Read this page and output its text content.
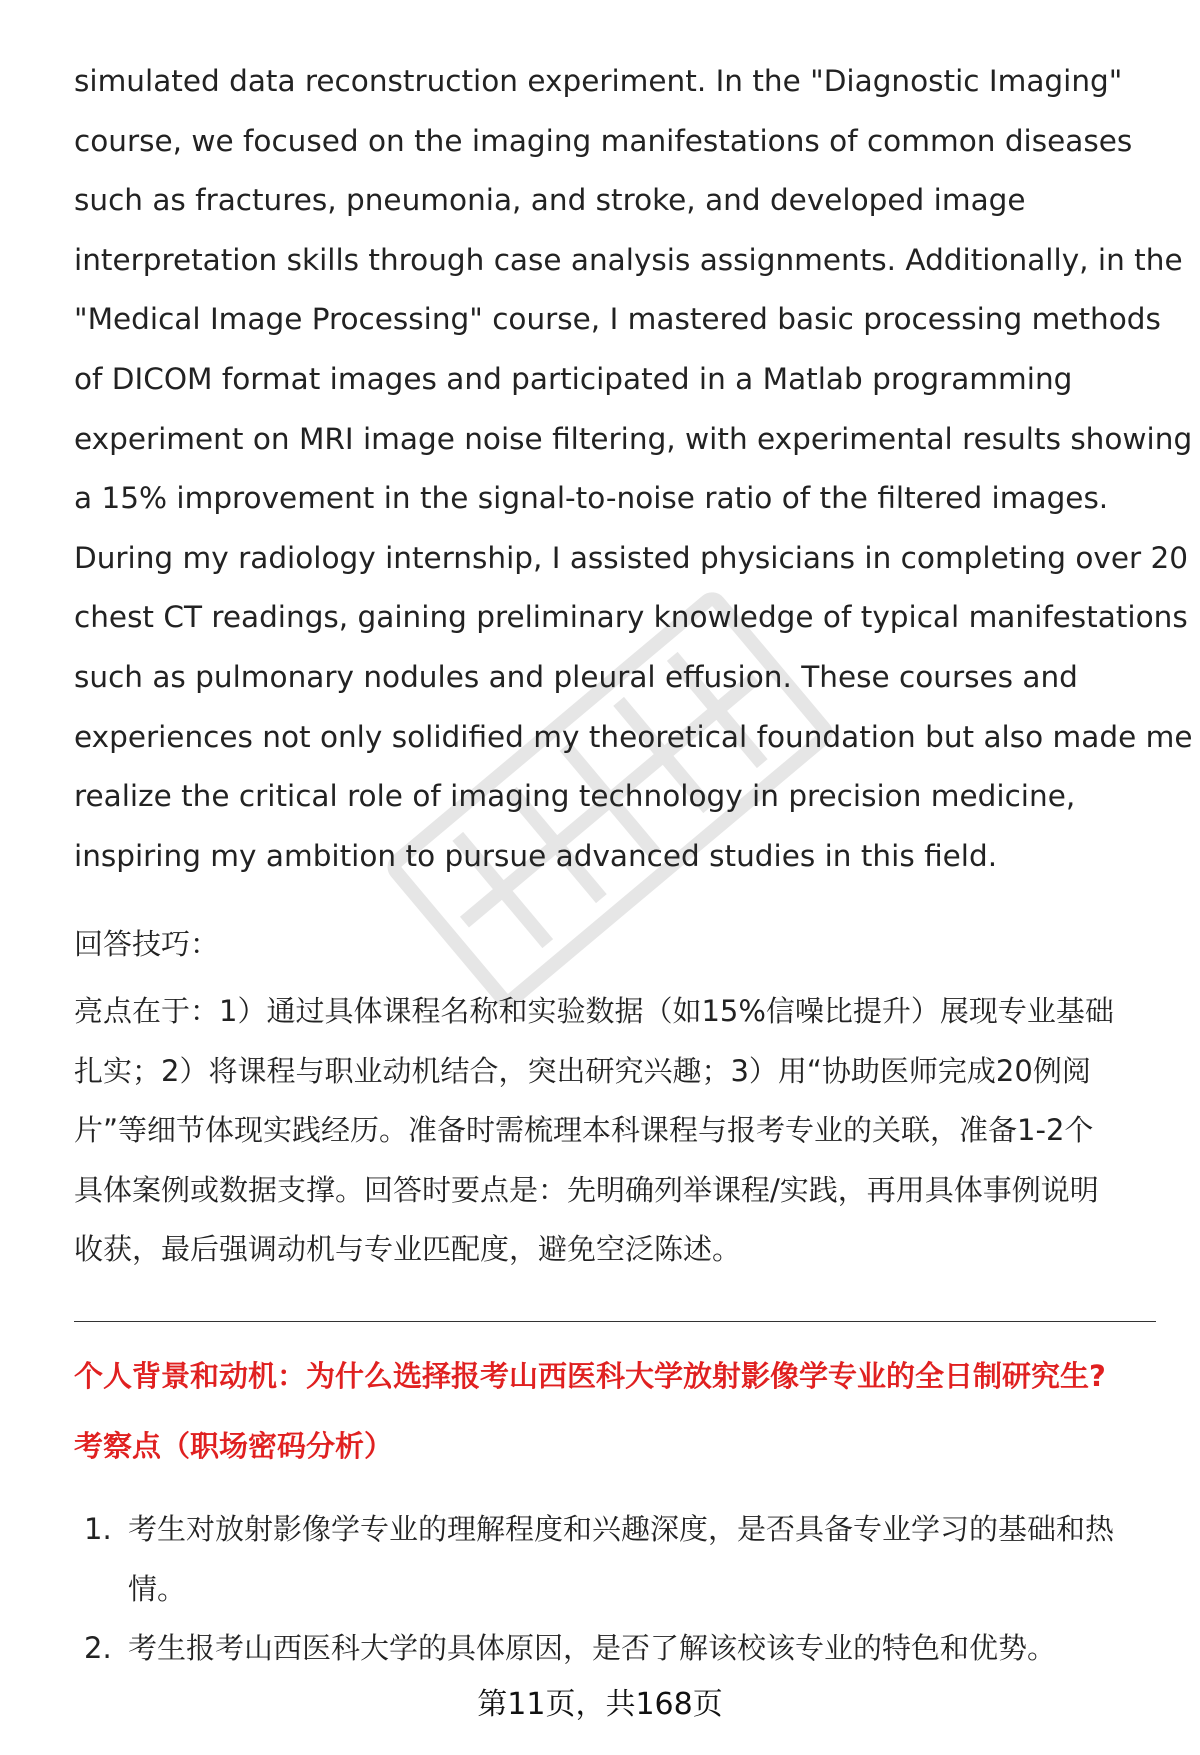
simulated data reconstruction experiment. In the "Diagnostic Imaging"
course, we focused on the imaging manifestations of common diseases
such as fractures, pneumonia, and stroke, and developed image
interpretation skills through case analysis assignments. Additionally, in the
"Medical Image Processing" course, I mastered basic processing methods
of DICOM format images and participated in a Matlab programming
experiment on MRI image noise filtering, with experimental results showing
a 15% improvement in the signal-to-noise ratio of the filtered images.
During my radiology internship, I assisted physicians in completing over 20
chest CT readings, gaining preliminary knowledge of typical manifestations
such as pulmonary nodules and pleural effusion. These courses and
experiences not only solidified my theoretical foundation but also made me
realize the critical role of imaging technology in precision medicine,
inspiring my ambition to pursue advanced studies in this field.

回答技巧：

亮点在于：1）通过具体课程名称和实验数据（如15%信噪比提升）展现专业基础
扎实；2）将课程与职业动机结合，突出研究兴趣；3）用“协助医师完成20例阅
片”等细节体现实践经历。准备时需梳理本科课程与报考专业的关联，准备1-2个
具体案例或数据支撑。回答时要点是：先明确列举课程/实践，再用具体事例说明
收获，最后强调动机与专业匹配度，避免空泛陈述。

个人背景和动机：为什么选择报考山西医科大学放射影像学专业的全日制研究生?

考察点（职场密码分析）

1. 考生对放射影像学专业的理解程度和兴趣深度，是否具备专业学习的基础和热
情。
2. 考生报考山西医科大学的具体原因，是否了解该校该专业的特色和优势。

第11页，共168页
